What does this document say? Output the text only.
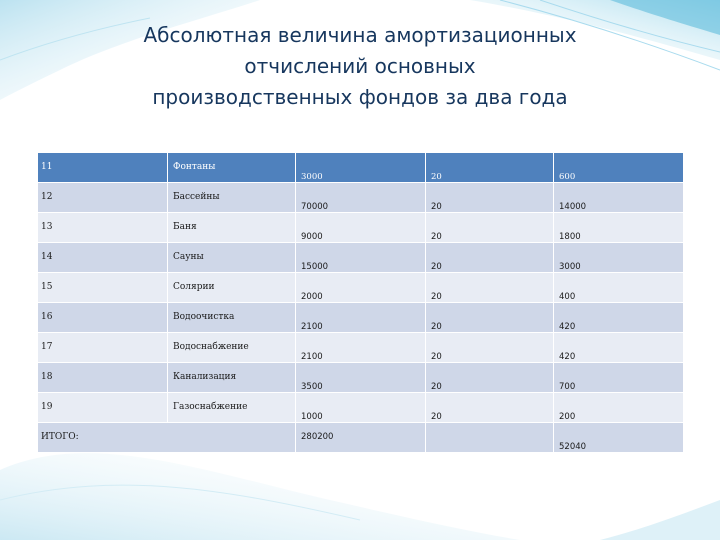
Абсолютная величина амортизационных
отчислений основных
производственных фондов за два года
11	Фонтаны	3000	20	600

12	Бассейны	70000	20	14000

13	Баня	9000	20	1800

14	Сауны	15000	20	3000

15	Солярии	2000	20	400

16	Водоочистка	2100	20	420

17	Водоснабжение	2100	20	420

18	Канализация	3500	20	700

19	Газоснабжение	1000	20	200

ИТОГО:		280200		52040
